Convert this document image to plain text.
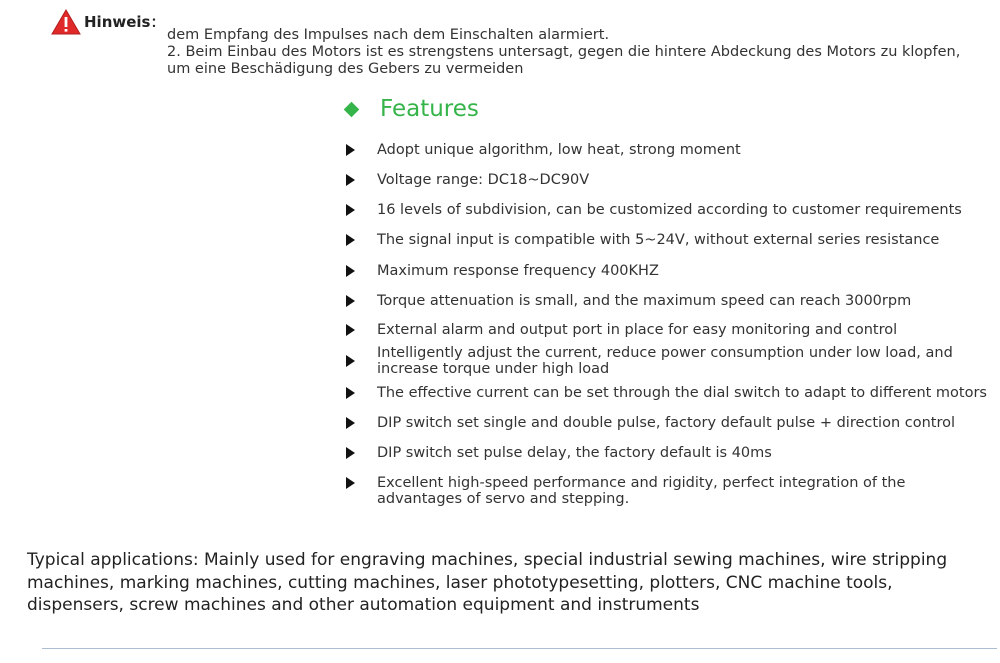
Hinweis：

dem Empfang des Impulses nach dem Einschalten alarmiert.

2. Beim Einbau des Motors ist es strengstens untersagt, gegen die hintere Abdeckung des Motors zu klopfen, um eine Beschädigung des Gebers zu vermeiden

Features
Adopt unique algorithm, low heat, strong moment
Voltage range: DC18~DC90V
16 levels of subdivision, can be customized according to customer requirements
The signal input is compatible with 5~24V, without external series resistance
Maximum response frequency 400KHZ
Torque attenuation is small, and the maximum speed can reach 3000rpm
External alarm and output port in place for easy monitoring and control
Intelligently adjust the current, reduce power consumption under low load, and increase torque under high load
The effective current can be set through the dial switch to adapt to different motors
DIP switch set single and double pulse, factory default pulse + direction control
DIP switch set pulse delay, the factory default is 40ms
Excellent high-speed performance and rigidity, perfect integration of the advantages of servo and stepping.
Typical applications: Mainly used for engraving machines, special industrial sewing machines, wire stripping machines, marking machines, cutting machines, laser phototypesetting, plotters, CNC machine tools, dispensers, screw machines and other automation equipment and instruments
